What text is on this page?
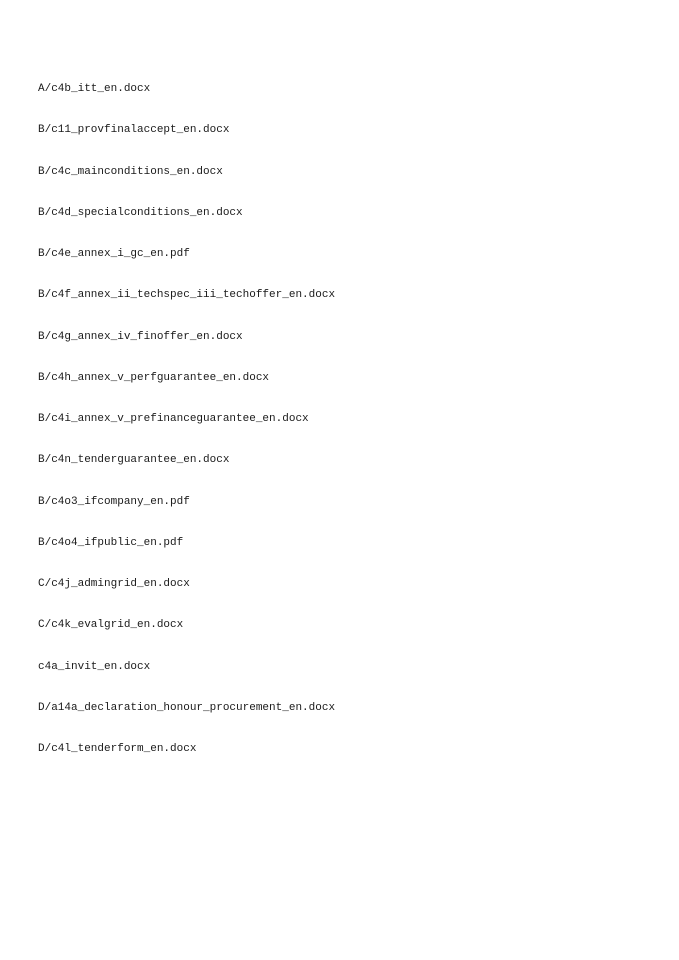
A/c4b_itt_en.docx
B/c11_provfinalaccept_en.docx
B/c4c_mainconditions_en.docx
B/c4d_specialconditions_en.docx
B/c4e_annex_i_gc_en.pdf
B/c4f_annex_ii_techspec_iii_techoffer_en.docx
B/c4g_annex_iv_finoffer_en.docx
B/c4h_annex_v_perfguarantee_en.docx
B/c4i_annex_v_prefinanceguarantee_en.docx
B/c4n_tenderguarantee_en.docx
B/c4o3_ifcompany_en.pdf
B/c4o4_ifpublic_en.pdf
C/c4j_admingrid_en.docx
C/c4k_evalgrid_en.docx
c4a_invit_en.docx
D/a14a_declaration_honour_procurement_en.docx
D/c4l_tenderform_en.docx
